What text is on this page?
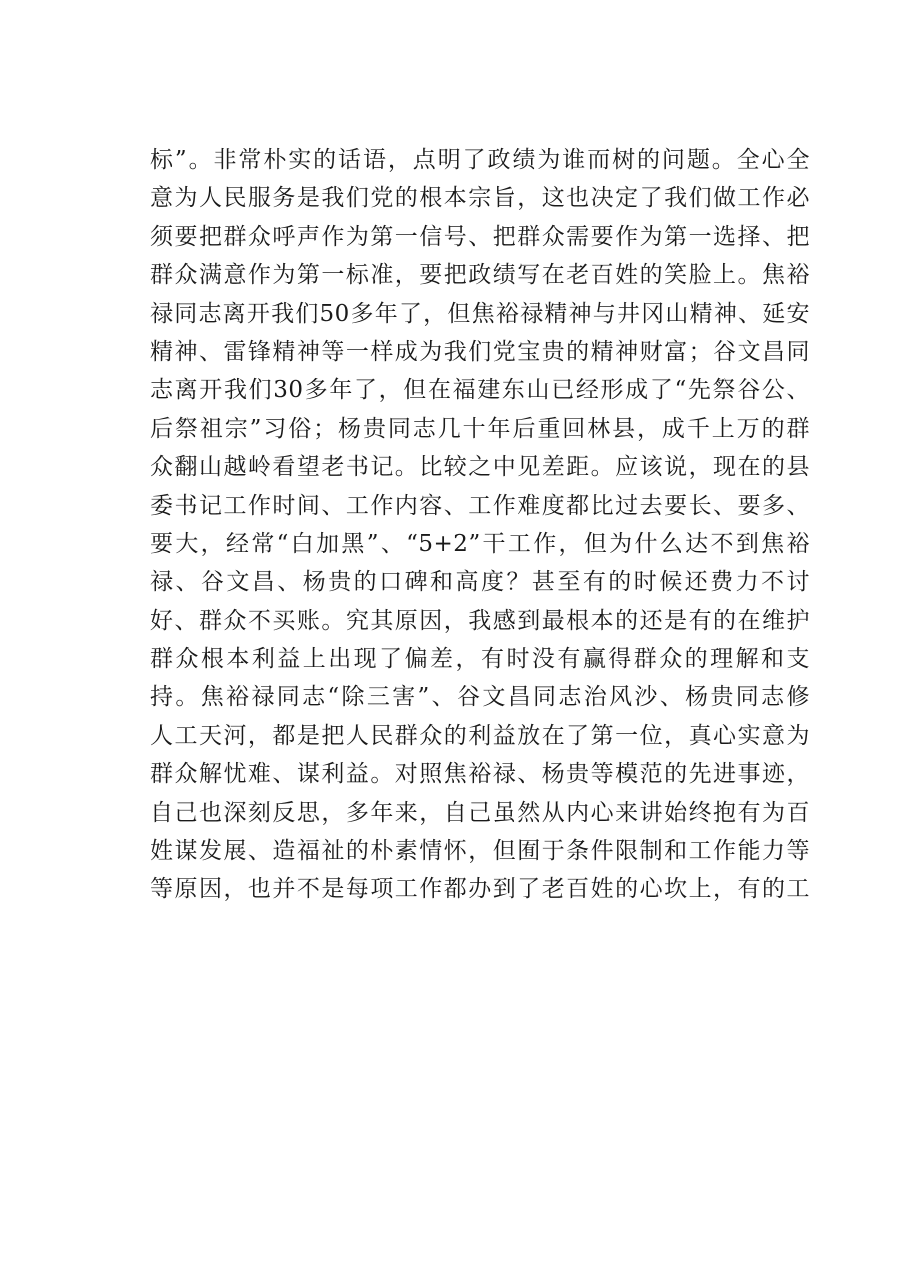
标”。非常朴实的话语，点明了政绩为谁而树的问题。全心全
意为人民服务是我们党的根本宗旨，这也决定了我们做工作必
须要把群众呼声作为第一信号、把群众需要作为第一选择、把
群众满意作为第一标准，要把政绩写在老百姓的笑脸上。焦裕
禄同志离开我们50多年了，但焦裕禄精神与井冈山精神、延安
精神、雷锋精神等一样成为我们党宝贵的精神财富；谷文昌同
志离开我们30多年了，但在福建东山已经形成了“先祭谷公、
后祭祖宗”习俗；杨贵同志几十年后重回林县，成千上万的群
众翻山越岭看望老书记。比较之中见差距。应该说，现在的县
委书记工作时间、工作内容、工作难度都比过去要长、要多、
要大，经常“白加黑”、“5+2”干工作，但为什么达不到焦裕
禄、谷文昌、杨贵的口碑和高度？甚至有的时候还费力不讨
好、群众不买账。究其原因，我感到最根本的还是有的在维护
群众根本利益上出现了偏差，有时没有赢得群众的理解和支
持。焦裕禄同志“除三害”、谷文昌同志治风沙、杨贵同志修
人工天河，都是把人民群众的利益放在了第一位，真心实意为
群众解忧难、谋利益。对照焦裕禄、杨贵等模范的先进事迹，
自己也深刻反思，多年来，自己虽然从内心来讲始终抱有为百
姓谋发展、造福祉的朴素情怀，但囿于条件限制和工作能力等
等原因，也并不是每项工作都办到了老百姓的心坎上，有的工
